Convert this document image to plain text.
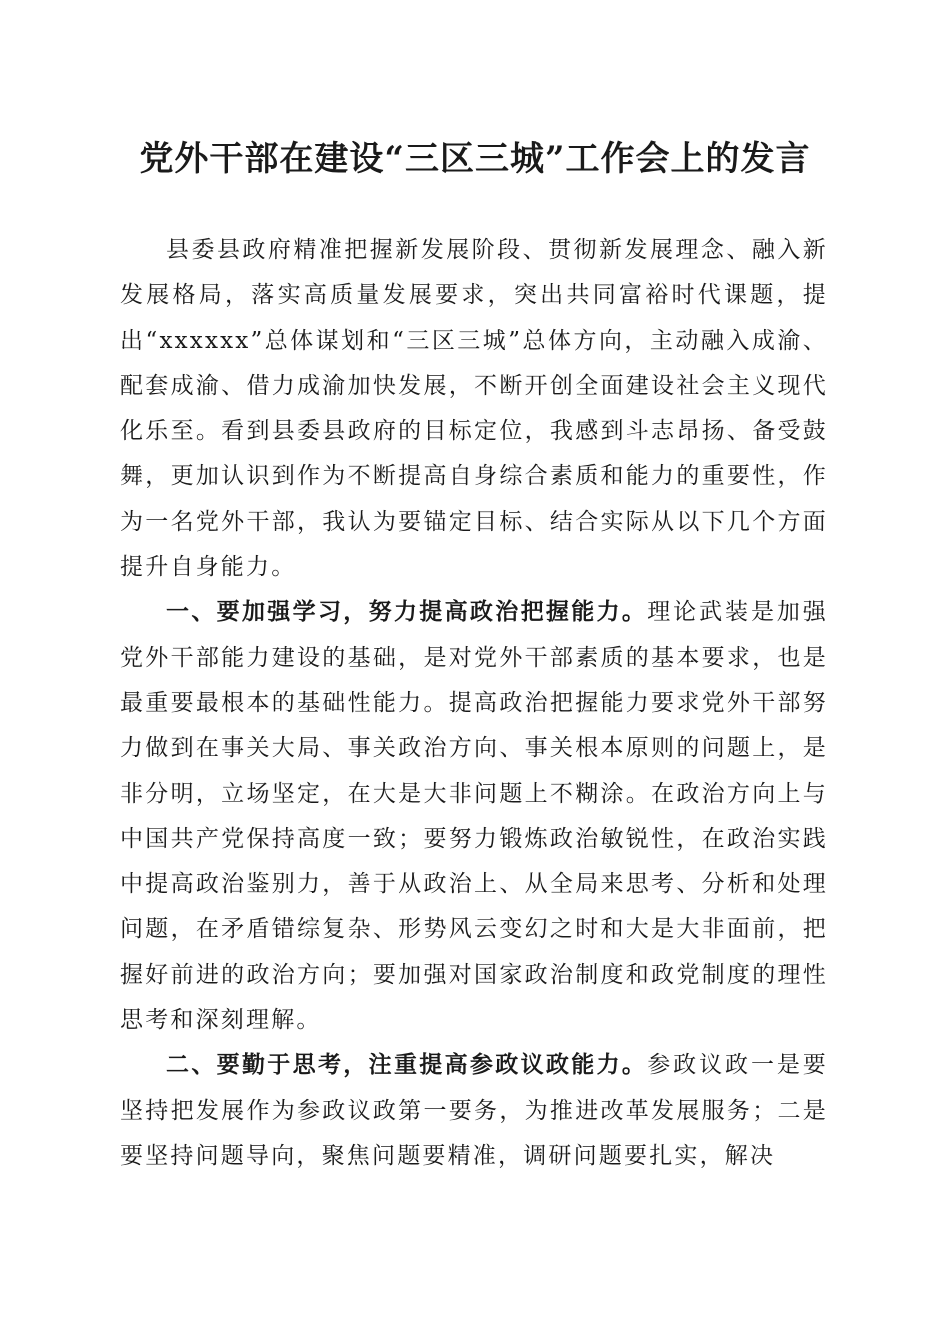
党外干部在建设“三区三城”工作会上的发言

县委县政府精准把握新发展阶段、贯彻新发展理念、融入新发展格局，落实高质量发展要求，突出共同富裕时代课题，提出“xxxxxx”总体谋划和“三区三城”总体方向，主动融入成渝、配套成渝、借力成渝加快发展，不断开创全面建设社会主义现代化乐至。看到县委县政府的目标定位，我感到斗志昂扬、备受鼓舞，更加认识到作为不断提高自身综合素质和能力的重要性，作为一名党外干部，我认为要锚定目标、结合实际从以下几个方面提升自身能力。

一、要加强学习，努力提高政治把握能力。理论武装是加强党外干部能力建设的基础，是对党外干部素质的基本要求，也是最重要最根本的基础性能力。提高政治把握能力要求党外干部努力做到在事关大局、事关政治方向、事关根本原则的问题上，是非分明，立场坚定，在大是大非问题上不糊涂。在政治方向上与中国共产党保持高度一致；要努力锻炼政治敏锐性，在政治实践中提高政治鉴别力，善于从政治上、从全局来思考、分析和处理问题，在矛盾错综复杂、形势风云变幻之时和大是大非面前，把握好前进的政治方向；要加强对国家政治制度和政党制度的理性思考和深刻理解。

二、要勤于思考，注重提高参政议政能力。参政议政一是要坚持把发展作为参政议政第一要务，为推进改革发展服务；二是要坚持问题导向，聚焦问题要精准，调研问题要扎实，解决
